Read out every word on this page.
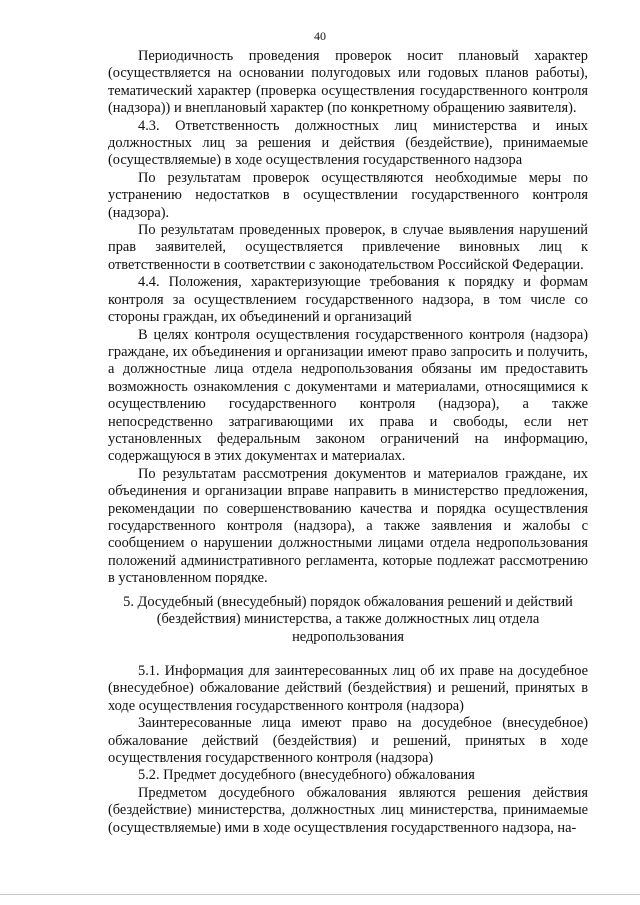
40

Периодичность проведения проверок носит плановый характер (осуществляется на основании полугодовых или годовых планов работы), тематический характер (проверка осуществления государственного контроля (надзора)) и внеплановый характер (по конкретному обращению заявителя).

4.3. Ответственность должностных лиц министерства и иных должностных лиц за решения и действия (бездействие), принимаемые (осуществляемые) в ходе осуществления государственного надзора

По результатам проверок осуществляются необходимые меры по устранению недостатков в осуществлении государственного контроля (надзора).

По результатам проведенных проверок, в случае выявления нарушений прав заявителей, осуществляется привлечение виновных лиц к ответственности в соответствии с законодательством Российской Федерации.

4.4. Положения, характеризующие требования к порядку и формам контроля за осуществлением государственного надзора, в том числе со стороны граждан, их объединений и организаций

В целях контроля осуществления государственного контроля (надзора) граждане, их объединения и организации имеют право запросить и получить, а должностные лица отдела недропользования обязаны им предоставить возможность ознакомления с документами и материалами, относящимися к осуществлению государственного контроля (надзора), а также непосредственно затрагивающими их права и свободы, если нет установленных федеральным законом ограничений на информацию, содержащуюся в этих документах и материалах.

По результатам рассмотрения документов и материалов граждане, их объединения и организации вправе направить в министерство предложения, рекомендации по совершенствованию качества и порядка осуществления государственного контроля (надзора), а также заявления и жалобы с сообщением о нарушении должностными лицами отдела недропользования положений административного регламента, которые подлежат рассмотрению в установленном порядке.

5. Досудебный (внесудебный) порядок обжалования решений и действий (бездействия) министерства, а также должностных лиц отдела недропользования

5.1. Информация для заинтересованных лиц об их праве на досудебное (внесудебное) обжалование действий (бездействия) и решений, принятых в ходе осуществления государственного контроля (надзора)

Заинтересованные лица имеют право на досудебное (внесудебное) обжалование действий (бездействия) и решений, принятых в ходе осуществления государственного контроля (надзора)

5.2. Предмет досудебного (внесудебного) обжалования

Предметом досудебного обжалования являются решения действия (бездействие) министерства, должностных лиц министерства, принимаемые (осуществляемые) ими в ходе осуществления государственного надзора, на-
